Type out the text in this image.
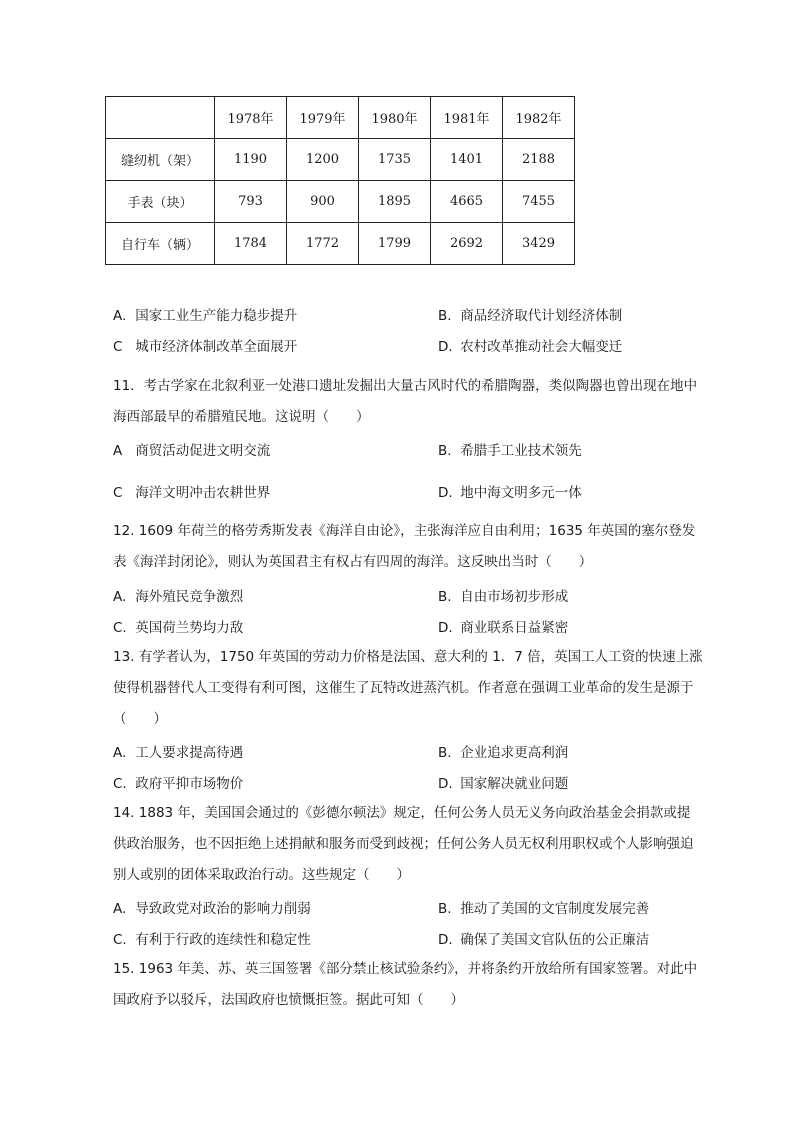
	1978年	1979年	1980年	1981年	1982年
缝纫机（架）	1190	1200	1735	1401	2188
手表（块）	793	900	1895	4665	7455
自行车（辆）	1784	1772	1799	2692	3429
A. 国家工业生产能力稳步提升	B. 商品经济取代计划经济体制
C 城市经济体制改革全面展开	D. 农村改革推动社会大幅变迁
11．考古学家在北叙利亚一处港口遗址发掘出大量古风时代的希腊陶器，类似陶器也曾出现在地中海西部最早的希腊殖民地。这说明（　　）
A 商贸活动促进文明交流	B. 希腊手工业技术领先
C 海洋文明冲击农耕世界	D. 地中海文明多元一体
12. 1609 年荷兰的格劳秀斯发表《海洋自由论》，主张海洋应自由利用；1635 年英国的塞尔登发表《海洋封闭论》，则认为英国君主有权占有四周的海洋。这反映出当时（　　）
A. 海外殖民竞争激烈	B. 自由市场初步形成
C. 英国荷兰势均力敌	D. 商业联系日益紧密
13. 有学者认为，1750 年英国的劳动力价格是法国、意大利的 1．7 倍，英国工人工资的快速上涨使得机器替代人工变得有利可图，这催生了瓦特改进蒸汽机。作者意在强调工业革命的发生是源于（　　）
A. 工人要求提高待遇	B. 企业追求更高利润
C. 政府平抑市场物价	D. 国家解决就业问题
14. 1883 年，美国国会通过的《彭德尔顿法》规定，任何公务人员无义务向政治基金会捐款或提供政治服务，也不因拒绝上述捐献和服务而受到歧视；任何公务人员无权利用职权或个人影响强迫别人或别的团体采取政治行动。这些规定（　　）
A. 导致政党对政治的影响力削弱	B. 推动了美国的文官制度发展完善
C. 有利于行政的连续性和稳定性	D. 确保了美国文官队伍的公正廉洁
15. 1963 年美、苏、英三国签署《部分禁止核试验条约》，并将条约开放给所有国家签署。对此中国政府予以驳斥，法国政府也愤慨拒签。据此可知（　　）
